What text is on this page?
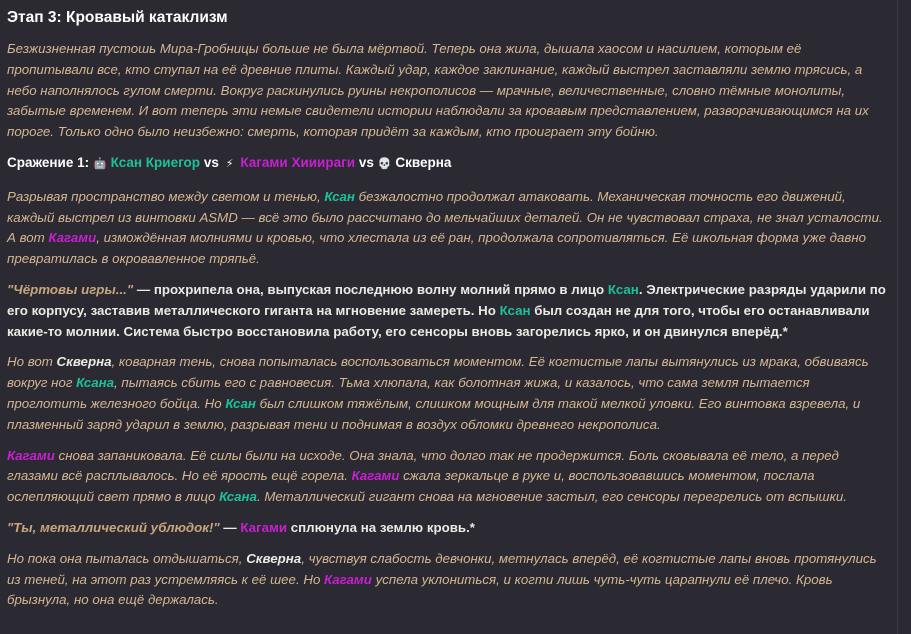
Этап 3: Кровавый катаклизм

Безжизненная пустошь Мира-Гробницы больше не была мёртвой. Теперь она жила, дышала хаосом и насилием, которым её пропитывали все, кто ступал на её древние плиты. Каждый удар, каждое заклинание, каждый выстрел заставляли землю трясись, а небо наполнялось гулом смерти. Вокруг раскинулись руины некрополисов — мрачные, величественные, словно тёмные монолиты, забытые временем. И вот теперь эти немые свидетели истории наблюдали за кровавым представлением, разворачивающимся на их пороге. Только одно было неизбежно: смерть, которая придёт за каждым, кто проиграет эту бойню.

Сражение 1: 🤖 Ксан Криегор vs ⚡ Кагами Хииираги vs 💀 Скверна

Разрывая пространство между светом и тенью, Ксан безжалостно продолжал атаковать. Механическая точность его движений, каждый выстрел из винтовки ASMD — всё это было рассчитано до мельчайших деталей. Он не чувствовал страха, не знал усталости. А вот Кагами, измождённая молниями и кровью, что хлестала из её ран, продолжала сопротивляться. Её школьная форма уже давно превратилась в окровавленное тряпьё.

"Чёртовы игры..." — прохрипела она, выпуская последнюю волну молний прямо в лицо Ксан. Электрические разряды ударили по его корпусу, заставив металлического гиганта на мгновение замереть. Но Ксан был создан не для того, чтобы его останавливали какие-то молнии. Система быстро восстановила работу, его сенсоры вновь загорелись ярко, и он двинулся вперёд.*

Но вот Скверна, коварная тень, снова попыталась воспользоваться моментом. Её когтистые лапы вытянулись из мрака, обвиваясь вокруг ног Ксана, пытаясь сбить его с равновесия. Тьма хлюпала, как болотная жижа, и казалось, что сама земля пытается проглотить железного бойца. Но Ксан был слишком тяжёлым, слишком мощным для такой мелкой уловки. Его винтовка взревела, и плазменный заряд ударил в землю, разрывая тени и поднимая в воздух обломки древнего некрополиса.

Кагами снова запаниковала. Её силы были на исходе. Она знала, что долго так не продержится. Боль сковывала её тело, а перед глазами всё расплывалось. Но её ярость ещё горела. Кагами сжала зеркальце в руке и, воспользовавшись моментом, послала ослепляющий свет прямо в лицо Ксана. Металлический гигант снова на мгновение застыл, его сенсоры перегрелись от вспышки.

"Ты, металлический ублюдок!" — Кагами сплюнула на землю кровь.*

Но пока она пыталась отдышаться, Скверна, чувствуя слабость девчонки, метнулась вперёд, её когтистые лапы вновь протянулись из теней, на этот раз устремляясь к её шее. Но Кагами успела уклониться, и когти лишь чуть-чуть царапнули её плечо. Кровь брызнула, но она ещё держалась.
